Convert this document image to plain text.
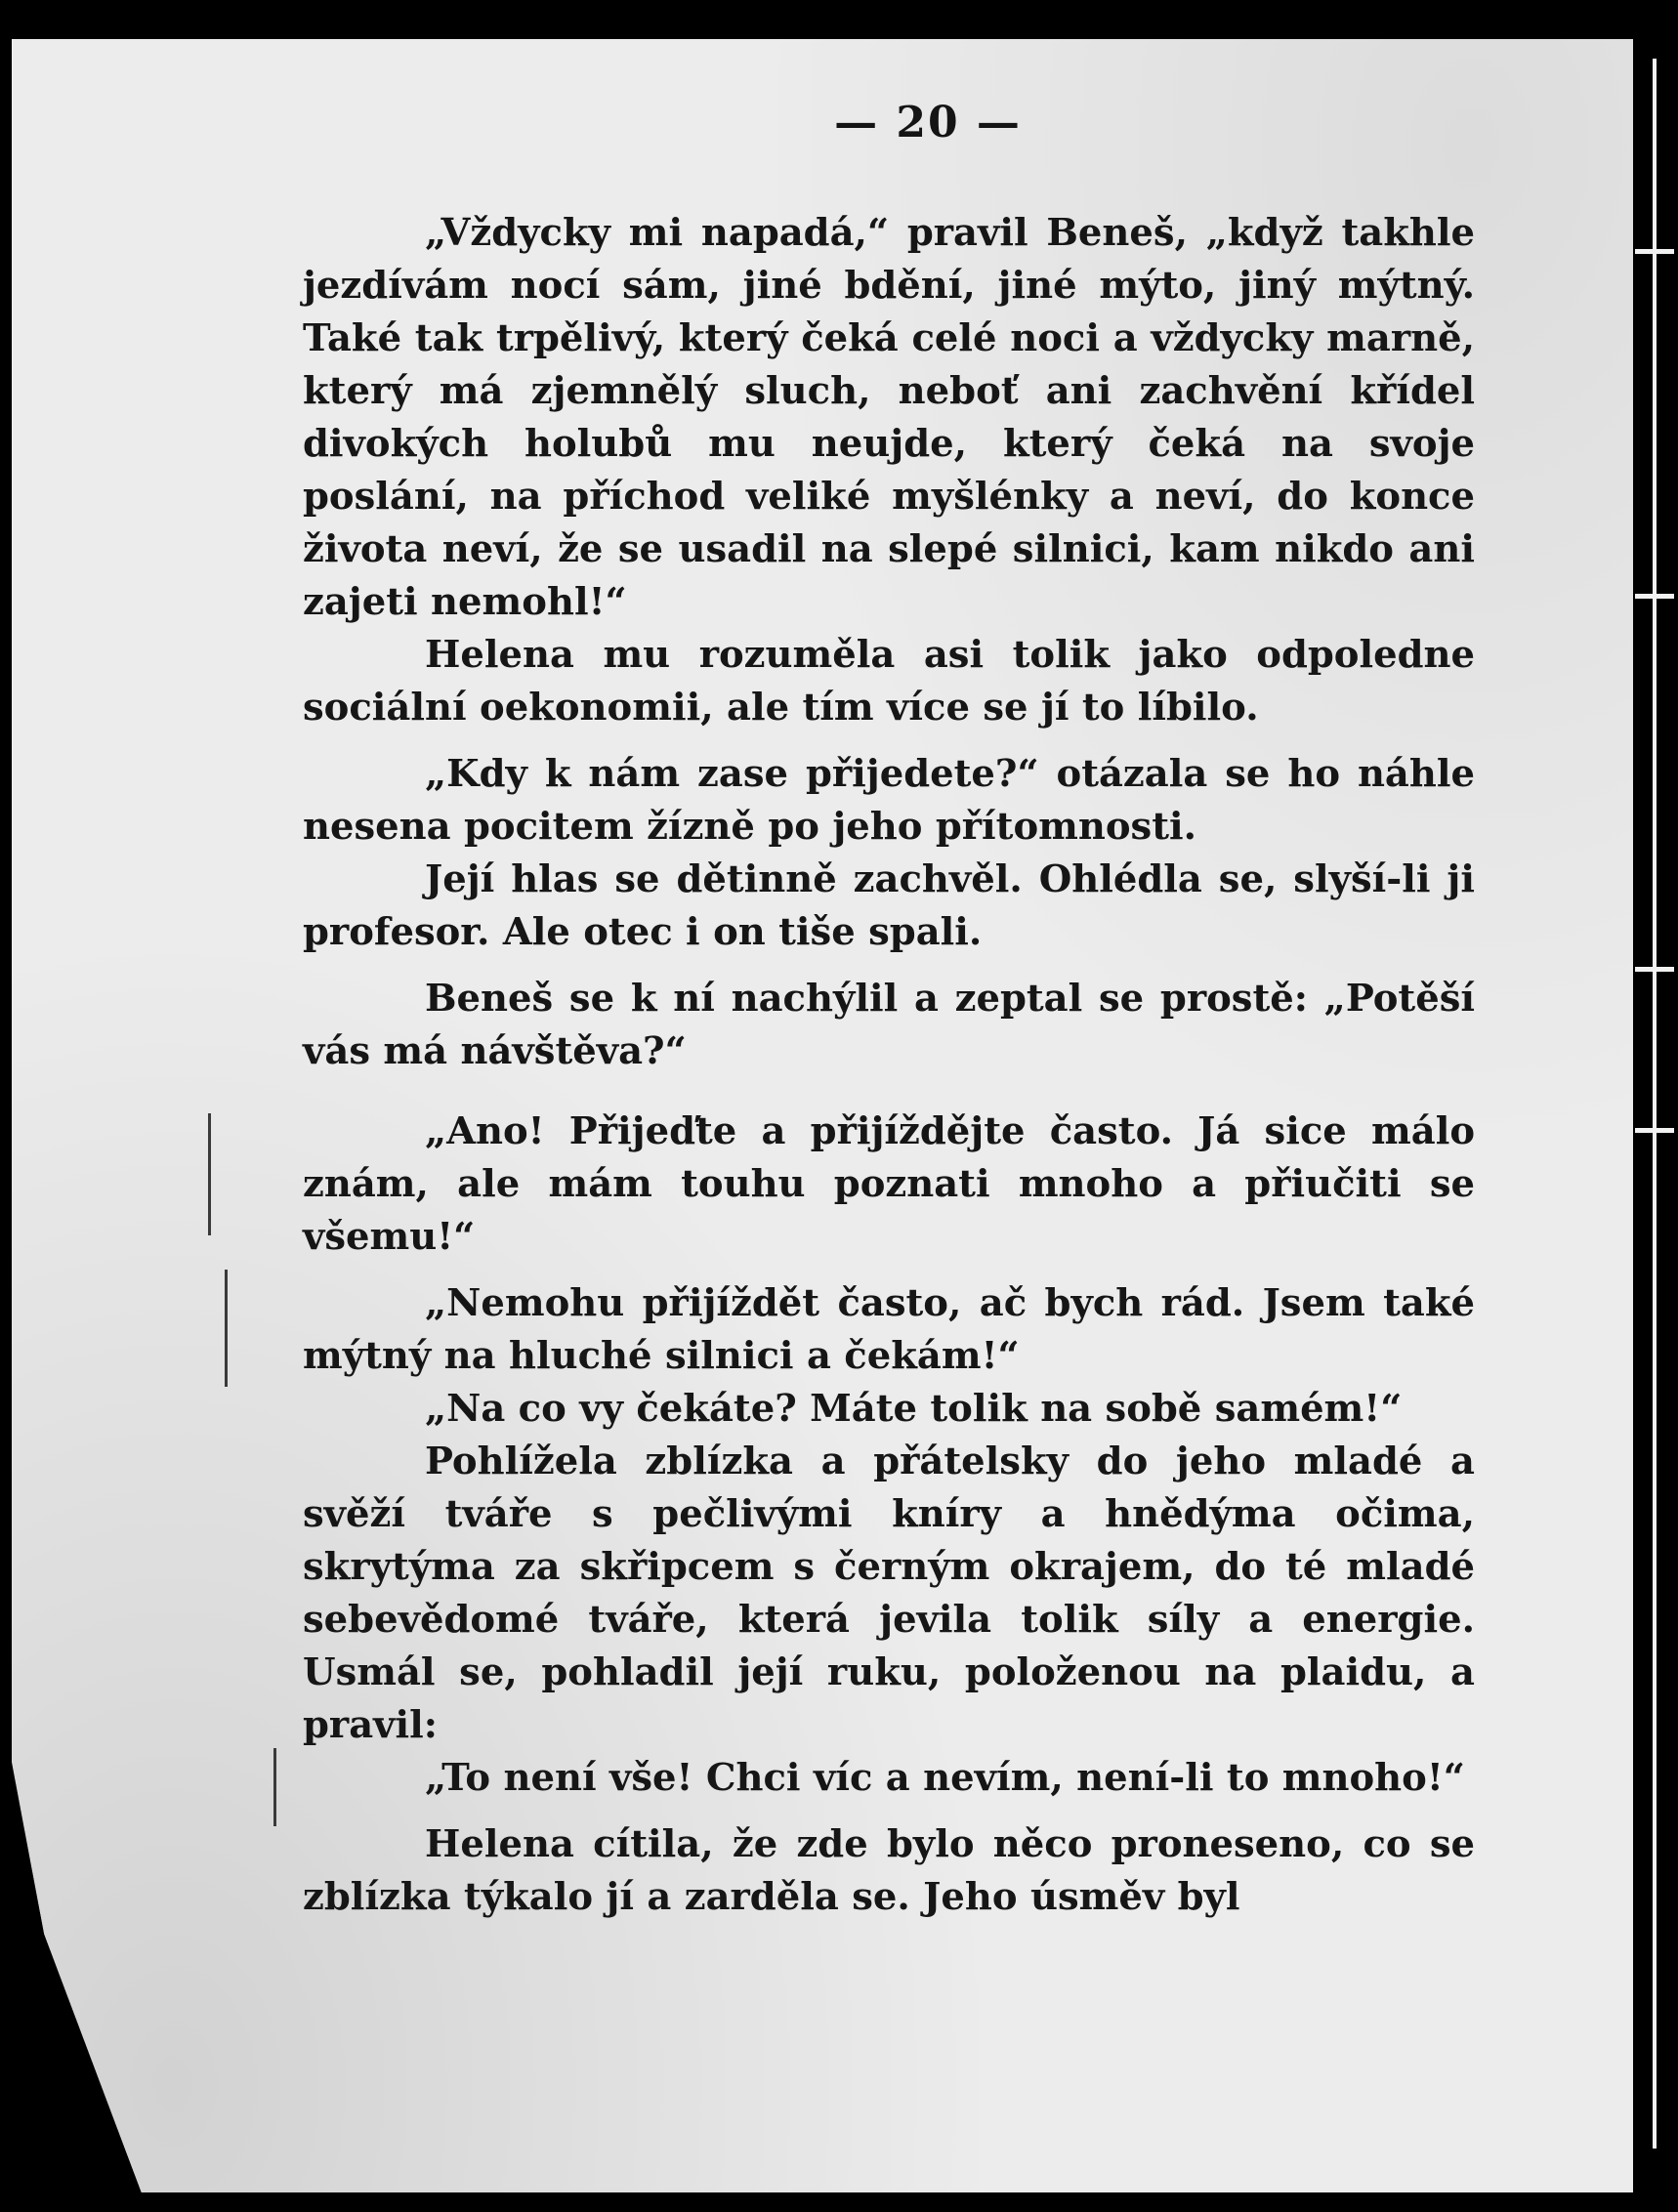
— 20 —

„Vždycky mi napadá,“ pravil Beneš, „když takhle jezdívám nocí sám, jiné bdění, jiné mýto, jiný mýtný. Také tak trpělivý, který čeká celé noci a vždycky marně, který má zjemnělý sluch, neboť ani zachvění křídel divokých holubů mu neujde, který čeká na svoje poslání, na příchod veliké myšlénky a neví, do konce života neví, že se usadil na slepé silnici, kam nikdo ani zajeti nemohl!“

Helena mu rozuměla asi tolik jako odpoledne sociální oekonomii, ale tím více se jí to líbilo.

„Kdy k nám zase přijedete?“ otázala se ho náhle nesena pocitem žízně po jeho přítomnosti.

Její hlas se dětinně zachvěl. Ohlédla se, slyší-li ji profesor. Ale otec i on tiše spali.

Beneš se k ní nachýlil a zeptal se prostě: „Potěší vás má návštěva?“

„Ano! Přijeďte a přijíždějte často. Já sice málo znám, ale mám touhu poznati mnoho a přiučiti se všemu!“

„Nemohu přijíždět často, ač bych rád. Jsem také mýtný na hluché silnici a čekám!“

„Na co vy čekáte? Máte tolik na sobě samém!“

Pohlížela zblízka a přátelsky do jeho mladé a svěží tváře s pečlivými kníry a hnědýma očima, skrytýma za skřipcem s černým okrajem, do té mladé sebevědomé tváře, která jevila tolik síly a energie. Usmál se, pohladil její ruku, položenou na plaidu, a pravil:

„To není vše! Chci víc a nevím, není-li to mnoho!“

Helena cítila, že zde bylo něco proneseno, co se zblízka týkalo jí a zarděla se. Jeho úsměv byl
